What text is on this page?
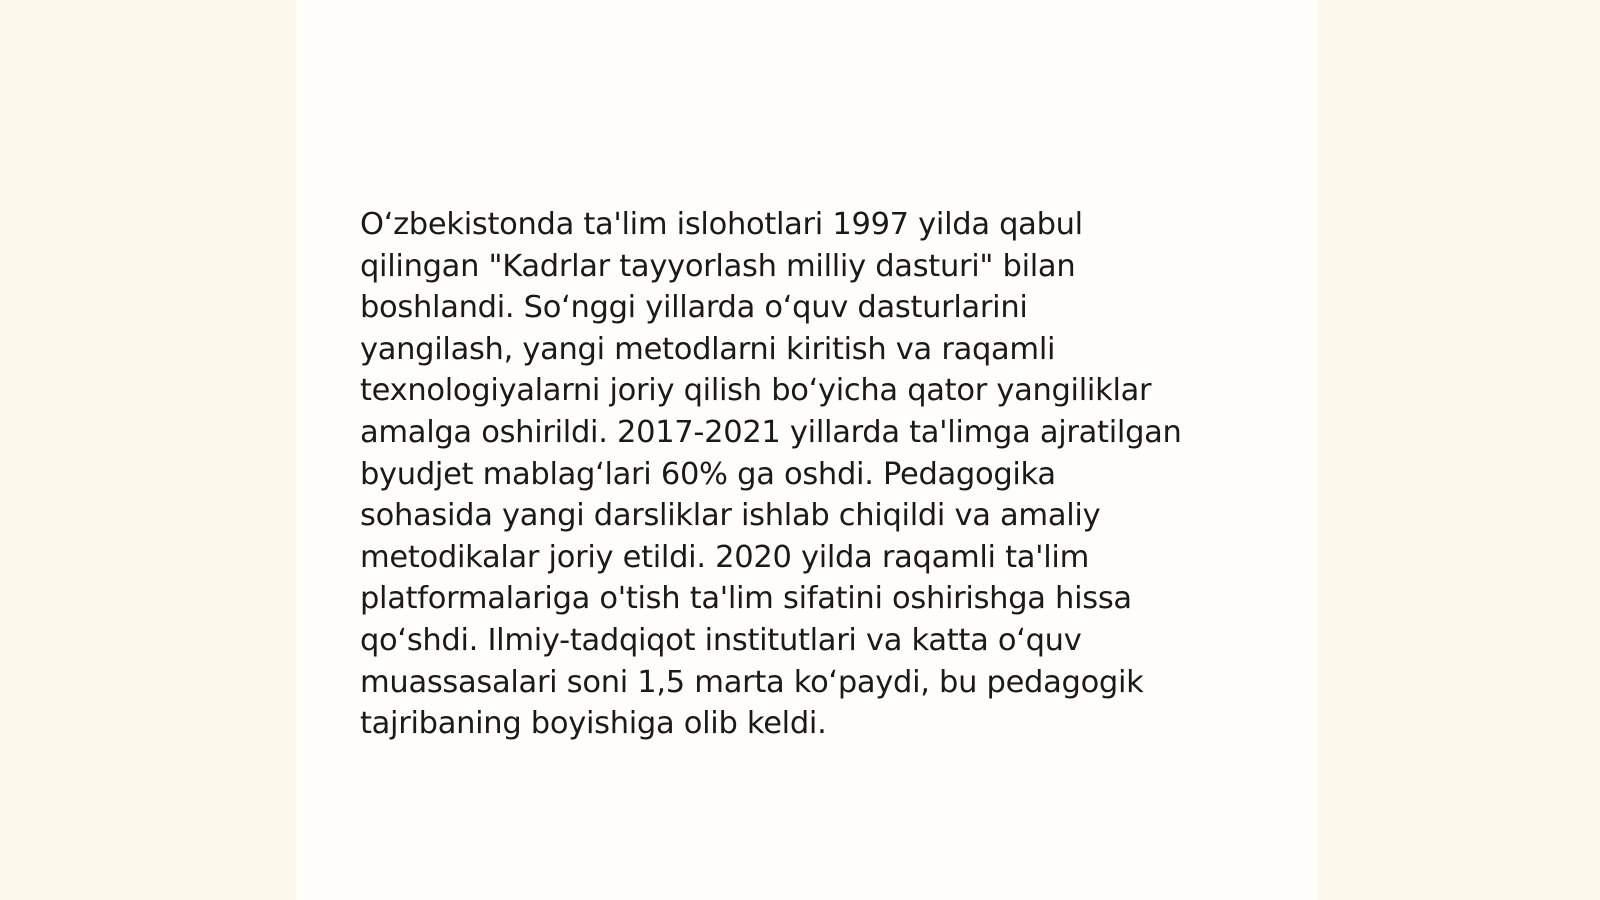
O‘zbekistonda ta'lim islohotlari 1997 yilda qabul
qilingan "Kadrlar tayyorlash milliy dasturi" bilan
boshlandi. So‘nggi yillarda o‘quv dasturlarini
yangilash, yangi metodlarni kiritish va raqamli
texnologiyalarni joriy qilish bo‘yicha qator yangiliklar
amalga oshirildi. 2017-2021 yillarda ta'limga ajratilgan
byudjet mablag‘lari 60% ga oshdi. Pedagogika
sohasida yangi darsliklar ishlab chiqildi va amaliy
metodikalar joriy etildi. 2020 yilda raqamli ta'lim
platformalariga o'tish ta'lim sifatini oshirishga hissa
qo‘shdi. Ilmiy-tadqiqot institutlari va katta o‘quv
muassasalari soni 1,5 marta ko‘paydi, bu pedagogik
tajribaning boyishiga olib keldi.
